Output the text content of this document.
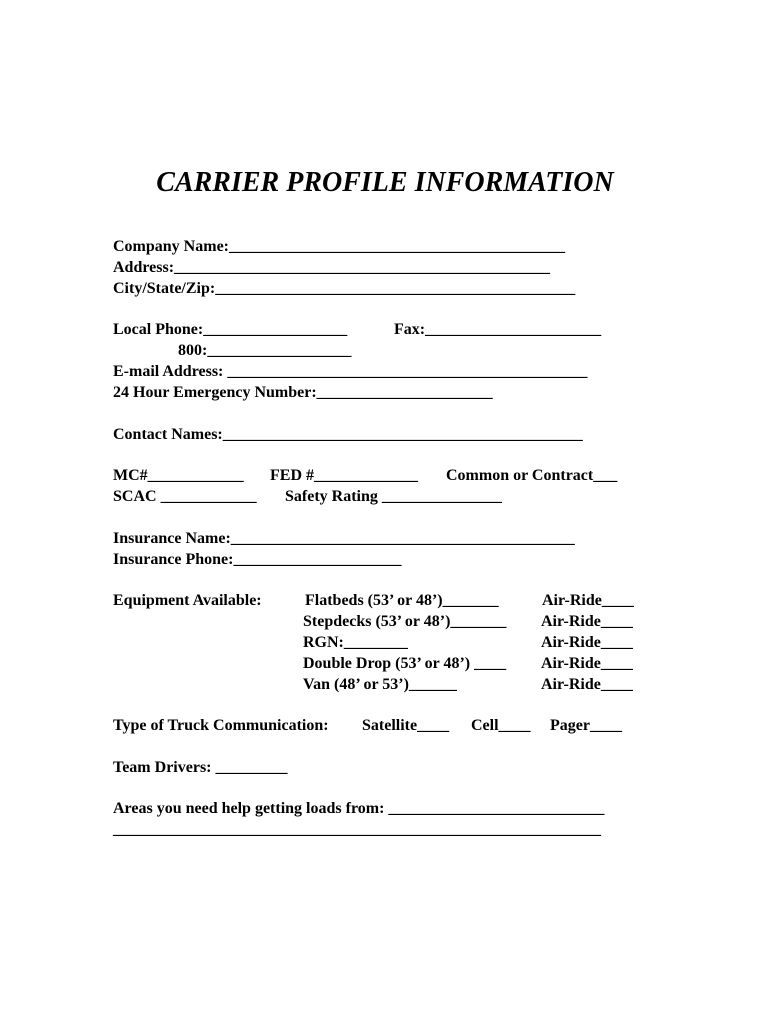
CARRIER PROFILE INFORMATION
Company Name:__________________________________________
Address:_______________________________________________
City/State/Zip:_____________________________________________
Local Phone:__________________	Fax:______________________
800:__________________
E-mail Address: _____________________________________________
24 Hour Emergency Number:______________________
Contact Names:_____________________________________________
MC#____________ FED #_____________ Common or Contract___
SCAC ____________ Safety Rating _______________
Insurance Name:___________________________________________
Insurance Phone:_____________________
Equipment Available:	Flatbeds (53’ or 48’)_______	Air-Ride____
Stepdecks (53’ or 48’)_______ Air-Ride____
RGN:________	Air-Ride____
Double Drop (53’ or 48’) ____ Air-Ride____
Van (48’ or 53’)______	Air-Ride____
Type of Truck Communication: Satellite____ Cell____ Pager____
Team Drivers: _________
Areas you need help getting loads from: ___________________________
_____________________________________________________________
